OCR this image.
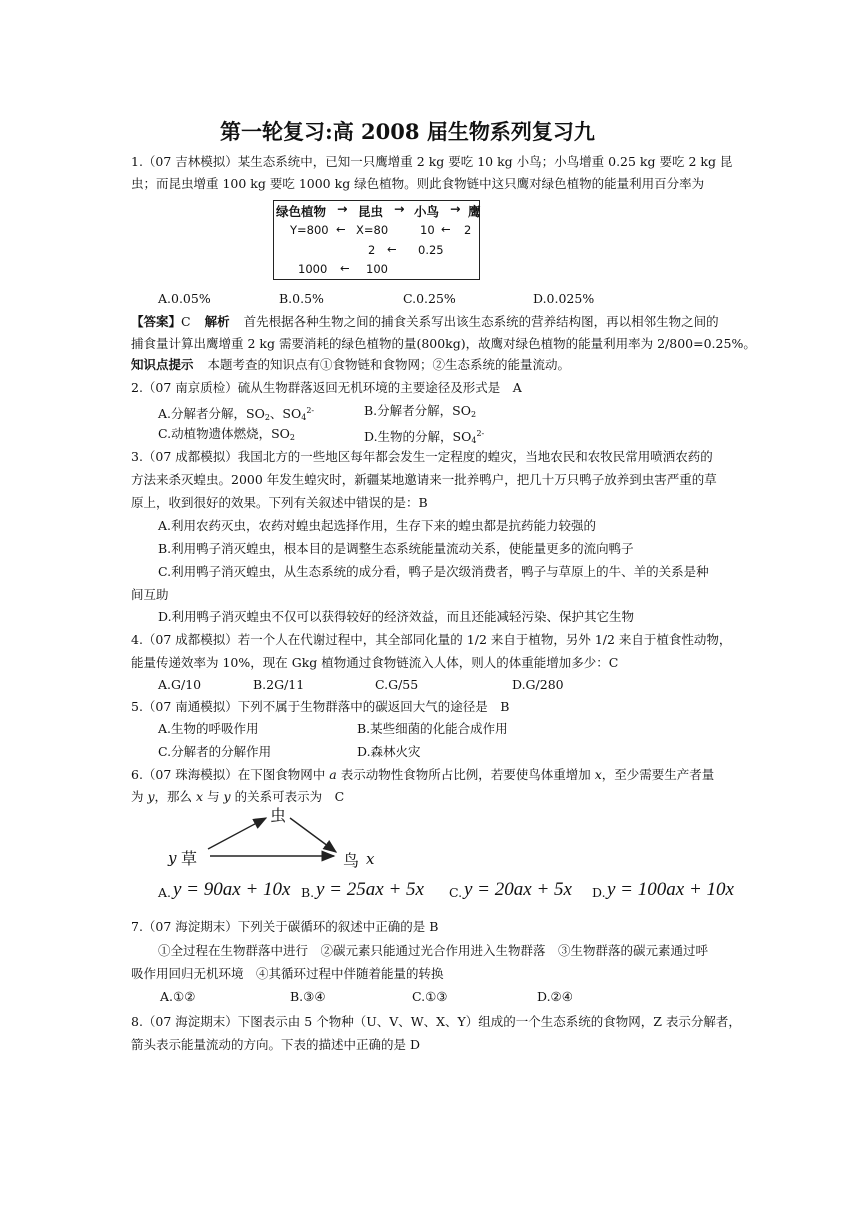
第一轮复习:高 2008 届生物系列复习九
1.（07 吉林模拟）某生态系统中，已知一只鹰增重 2 kg 要吃 10 kg 小鸟；小鸟增重 0.25 kg 要吃 2 kg 昆
虫；而昆虫增重 100 kg 要吃 1000 kg 绿色植物。则此食物链中这只鹰对绿色植物的能量利用百分率为
绿色植物 → 昆虫 → 小鸟 → 鹰
Y=800 ← X=80	10 ← 2
2 ← 0.25
1000 ← 100
A.0.05%	B.0.5%	C.0.25%	D.0.025%
【答案】C 解析 首先根据各种生物之间的捕食关系写出该生态系统的营养结构图，再以相邻生物之间的
捕食量计算出鹰增重 2 kg 需要消耗的绿色植物的量(800kg)，故鹰对绿色植物的能量利用率为 2/800=0.25%。
知识点提示 本题考查的知识点有①食物链和食物网；②生态系统的能量流动。
2.（07 南京质检）硫从生物群落返回无机环境的主要途径及形式是　A
A.分解者分解，$SO_2$、$SO_4^{2-}$	B.分解者分解，$SO_2$
C.动植物遗体燃烧，$SO_2$	D.生物的分解，$SO_4^{2-}$
3.（07 成都模拟）我国北方的一些地区每年都会发生一定程度的蝗灾，当地农民和农牧民常用喷洒农药的
方法来杀灭蝗虫。2000 年发生蝗灾时，新疆某地邀请来一批养鸭户，把几十万只鸭子放养到虫害严重的草
原上，收到很好的效果。下列有关叙述中错误的是：B
A.利用农药灭虫，农药对蝗虫起选择作用，生存下来的蝗虫都是抗药能力较强的
B.利用鸭子消灭蝗虫，根本目的是调整生态系统能量流动关系，使能量更多的流向鸭子
C.利用鸭子消灭蝗虫，从生态系统的成分看，鸭子是次级消费者，鸭子与草原上的牛、羊的关系是种
间互助
D.利用鸭子消灭蝗虫不仅可以获得较好的经济效益，而且还能减轻污染、保护其它生物
4.（07 成都模拟）若一个人在代谢过程中，其全部同化量的 1/2 来自于植物，另外 1/2 来自于植食性动物，
能量传递效率为 10%，现在 Gkg 植物通过食物链流入人体，则人的体重能增加多少：C
A.G/10	B.2G/11	C.G/55	D.G/280
5.（07 南通模拟）下列不属于生物群落中的碳返回大气的途径是　B
A.生物的呼吸作用	B.某些细菌的化能合成作用
C.分解者的分解作用	D.森林火灾
6.（07 珠海模拟）在下图食物网中 a 表示动物性食物所占比例，若要使鸟体重增加 x，至少需要生产者量
为 y，那么 x 与 y 的关系可表示为　C
虫
y 草	鸟 x
A. y = 90ax + 10x B. y = 25ax + 5x C. y = 20ax + 5x D. y = 100ax + 10x
7.（07 海淀期末）下列关于碳循环的叙述中正确的是 B
①全过程在生物群落中进行　②碳元素只能通过光合作用进入生物群落　③生物群落的碳元素通过呼
吸作用回归无机环境　④其循环过程中伴随着能量的转换
A.①②	B.③④	C.①③	D.②④
8.（07 海淀期末）下图表示由 5 个物种（U、V、W、X、Y）组成的一个生态系统的食物网，Z 表示分解者，
箭头表示能量流动的方向。下表的描述中正确的是 D
